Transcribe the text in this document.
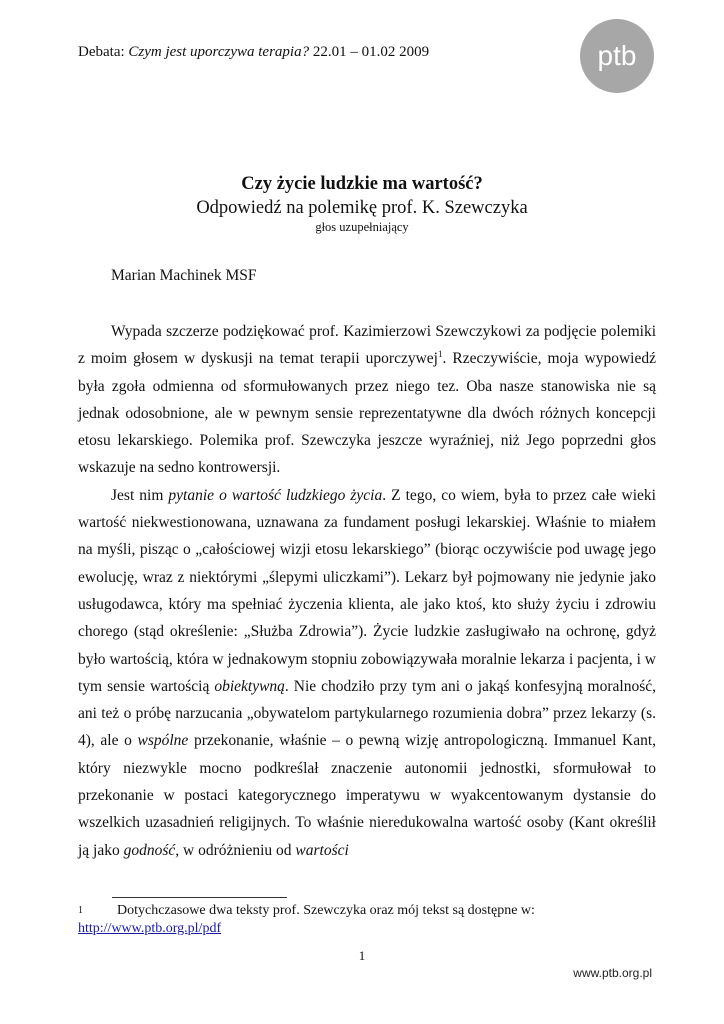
Debata: Czym jest uporczywa terapia? 22.01 – 01.02 2009	ptb
Czy życie ludzkie ma wartość?
Odpowiedź na polemikę prof. K. Szewczyka
głos uzupełniający
Marian Machinek MSF

Wypada szczerze podziękować prof. Kazimierzowi Szewczykowi za podjęcie polemiki z moim głosem w dyskusji na temat terapii uporczywej$^1$. Rzeczywiście, moja wypowiedź była zgoła odmienna od sformułowanych przez niego tez. Oba nasze stanowiska nie są jednak odosobnione, ale w pewnym sensie reprezentatywne dla dwóch różnych koncepcji etosu lekarskiego. Polemika prof. Szewczyka jeszcze wyraźniej, niż Jego poprzedni głos wskazuje na sedno kontrowersji.

Jest nim pytanie o wartość ludzkiego życia. Z tego, co wiem, była to przez całe wieki wartość niekwestionowana, uznawana za fundament posługi lekarskiej. Właśnie to miałem na myśli, pisząc o „całościowej wizji etosu lekarskiego” (biorąc oczywiście pod uwagę jego ewolucję, wraz z niektórymi „ślepymi uliczkami”). Lekarz był pojmowany nie jedynie jako usługodawca, który ma spełniać życzenia klienta, ale jako ktoś, kto służy życiu i zdrowiu chorego (stąd określenie: „Służba Zdrowia”). Życie ludzkie zasługiwało na ochronę, gdyż było wartością, która w jednakowym stopniu zobowiązywała moralnie lekarza i pacjenta, i w tym sensie wartością obiektywną. Nie chodziło przy tym ani o jakąś konfesyjną moralność, ani też o próbę narzucania „obywatelom partykularnego rozumienia dobra” przez lekarzy (s. 4), ale o wspólne przekonanie, właśnie – o pewną wizję antropologiczną. Immanuel Kant, który niezwykle mocno podkreślał znaczenie autonomii jednostki, sformułował to przekonanie w postaci kategorycznego imperatywu w wyakcentowanym dystansie do wszelkich uzasadnień religijnych. To właśnie nieredukowalna wartość osoby (Kant określił ją jako godność, w odróżnieniu od wartości

$^1$ Dotychczasowe dwa teksty prof. Szewczyka oraz mój tekst są dostępne w:
http://www.ptb.org.pl/pdf
1
www.ptb.org.pl
